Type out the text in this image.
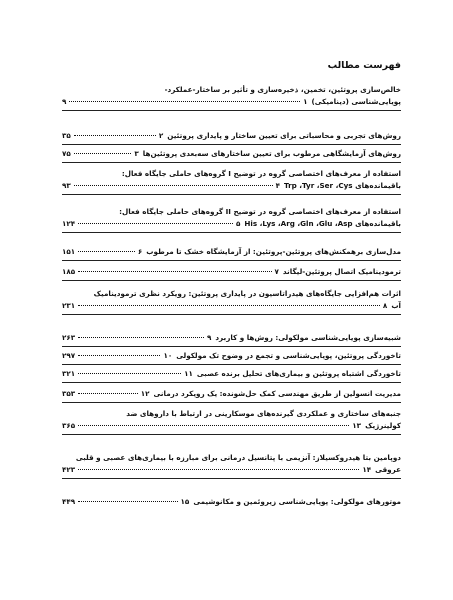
فهرست مطالب
خالص‌سازی پروتئین، تخمین، ذخیره‌سازی و تأثیر بر ساختار-عملکرد-
پویایی‌شناسی (دینامیکی)
۱
۹
روش‌های تجربی و محاسباتی برای تعیین ساختار و پایداری پروتئین
۲
۳۵
روش‌های آزمایشگاهی مرطوب برای تعیین ساختارهای سه‌بعدی پروتئین‌ها
۳
۷۵
استفاده از معرف‌های اختصاصی گروه در توضیح I گروه‌های حاملی جایگاه فعال:
باقیمانده‌های Trp ،Tyr ،Ser ،Cys
۴
۹۳
استفاده از معرف‌های اختصاصی گروه در توضیح II گروه‌های حاملی جایگاه فعال:
باقیمانده‌های His ،Lys ،Arg ،Gln ،Glu ،Asp
۵
۱۲۴
مدل‌سازی برهمکنش‌های پروتئین-پروتئین: از آزمایشگاه خشک تا مرطوب
۶
۱۵۱
ترمودینامیک اتصال پروتئین-لیگاند
۷
۱۸۵
اثرات هم‌افزایی جایگاه‌های هیدراتاسیون در پایداری پروتئین: رویکرد نظری ترمودینامیک
آب
۸
۲۳۱
شبیه‌سازی پویایی‌شناسی مولکولی: روش‌ها و کاربرد
۹
۲۶۳
تاخوردگی پروتئین، پویایی‌شناسی و تجمع در وضوح تک مولکولی
۱۰
۲۹۷
تاخوردگی اشتباه پروتئین و بیماری‌های تحلیل برنده عصبی
۱۱
۳۲۱
مدیریت انسولین از طریق مهندسی کمک حل‌شونده: یک رویکرد درمانی
۱۲
۳۵۳
جنبه‌های ساختاری و عملکردی گیرنده‌های موسکارینی در ارتباط با داروهای ضد
کولینرژیک
۱۳
۳۶۵
دوپامین بتا هیدروکسیلاز: آنزیمی با پتانسیل درمانی برای مبارزه با بیماری‌های عصبی و قلبی
عروقی
۱۴
۴۲۳
موتورهای مولکولی: پویایی‌شناسی زیروئمین و مکانوشیمی
۱۵
۴۴۹
